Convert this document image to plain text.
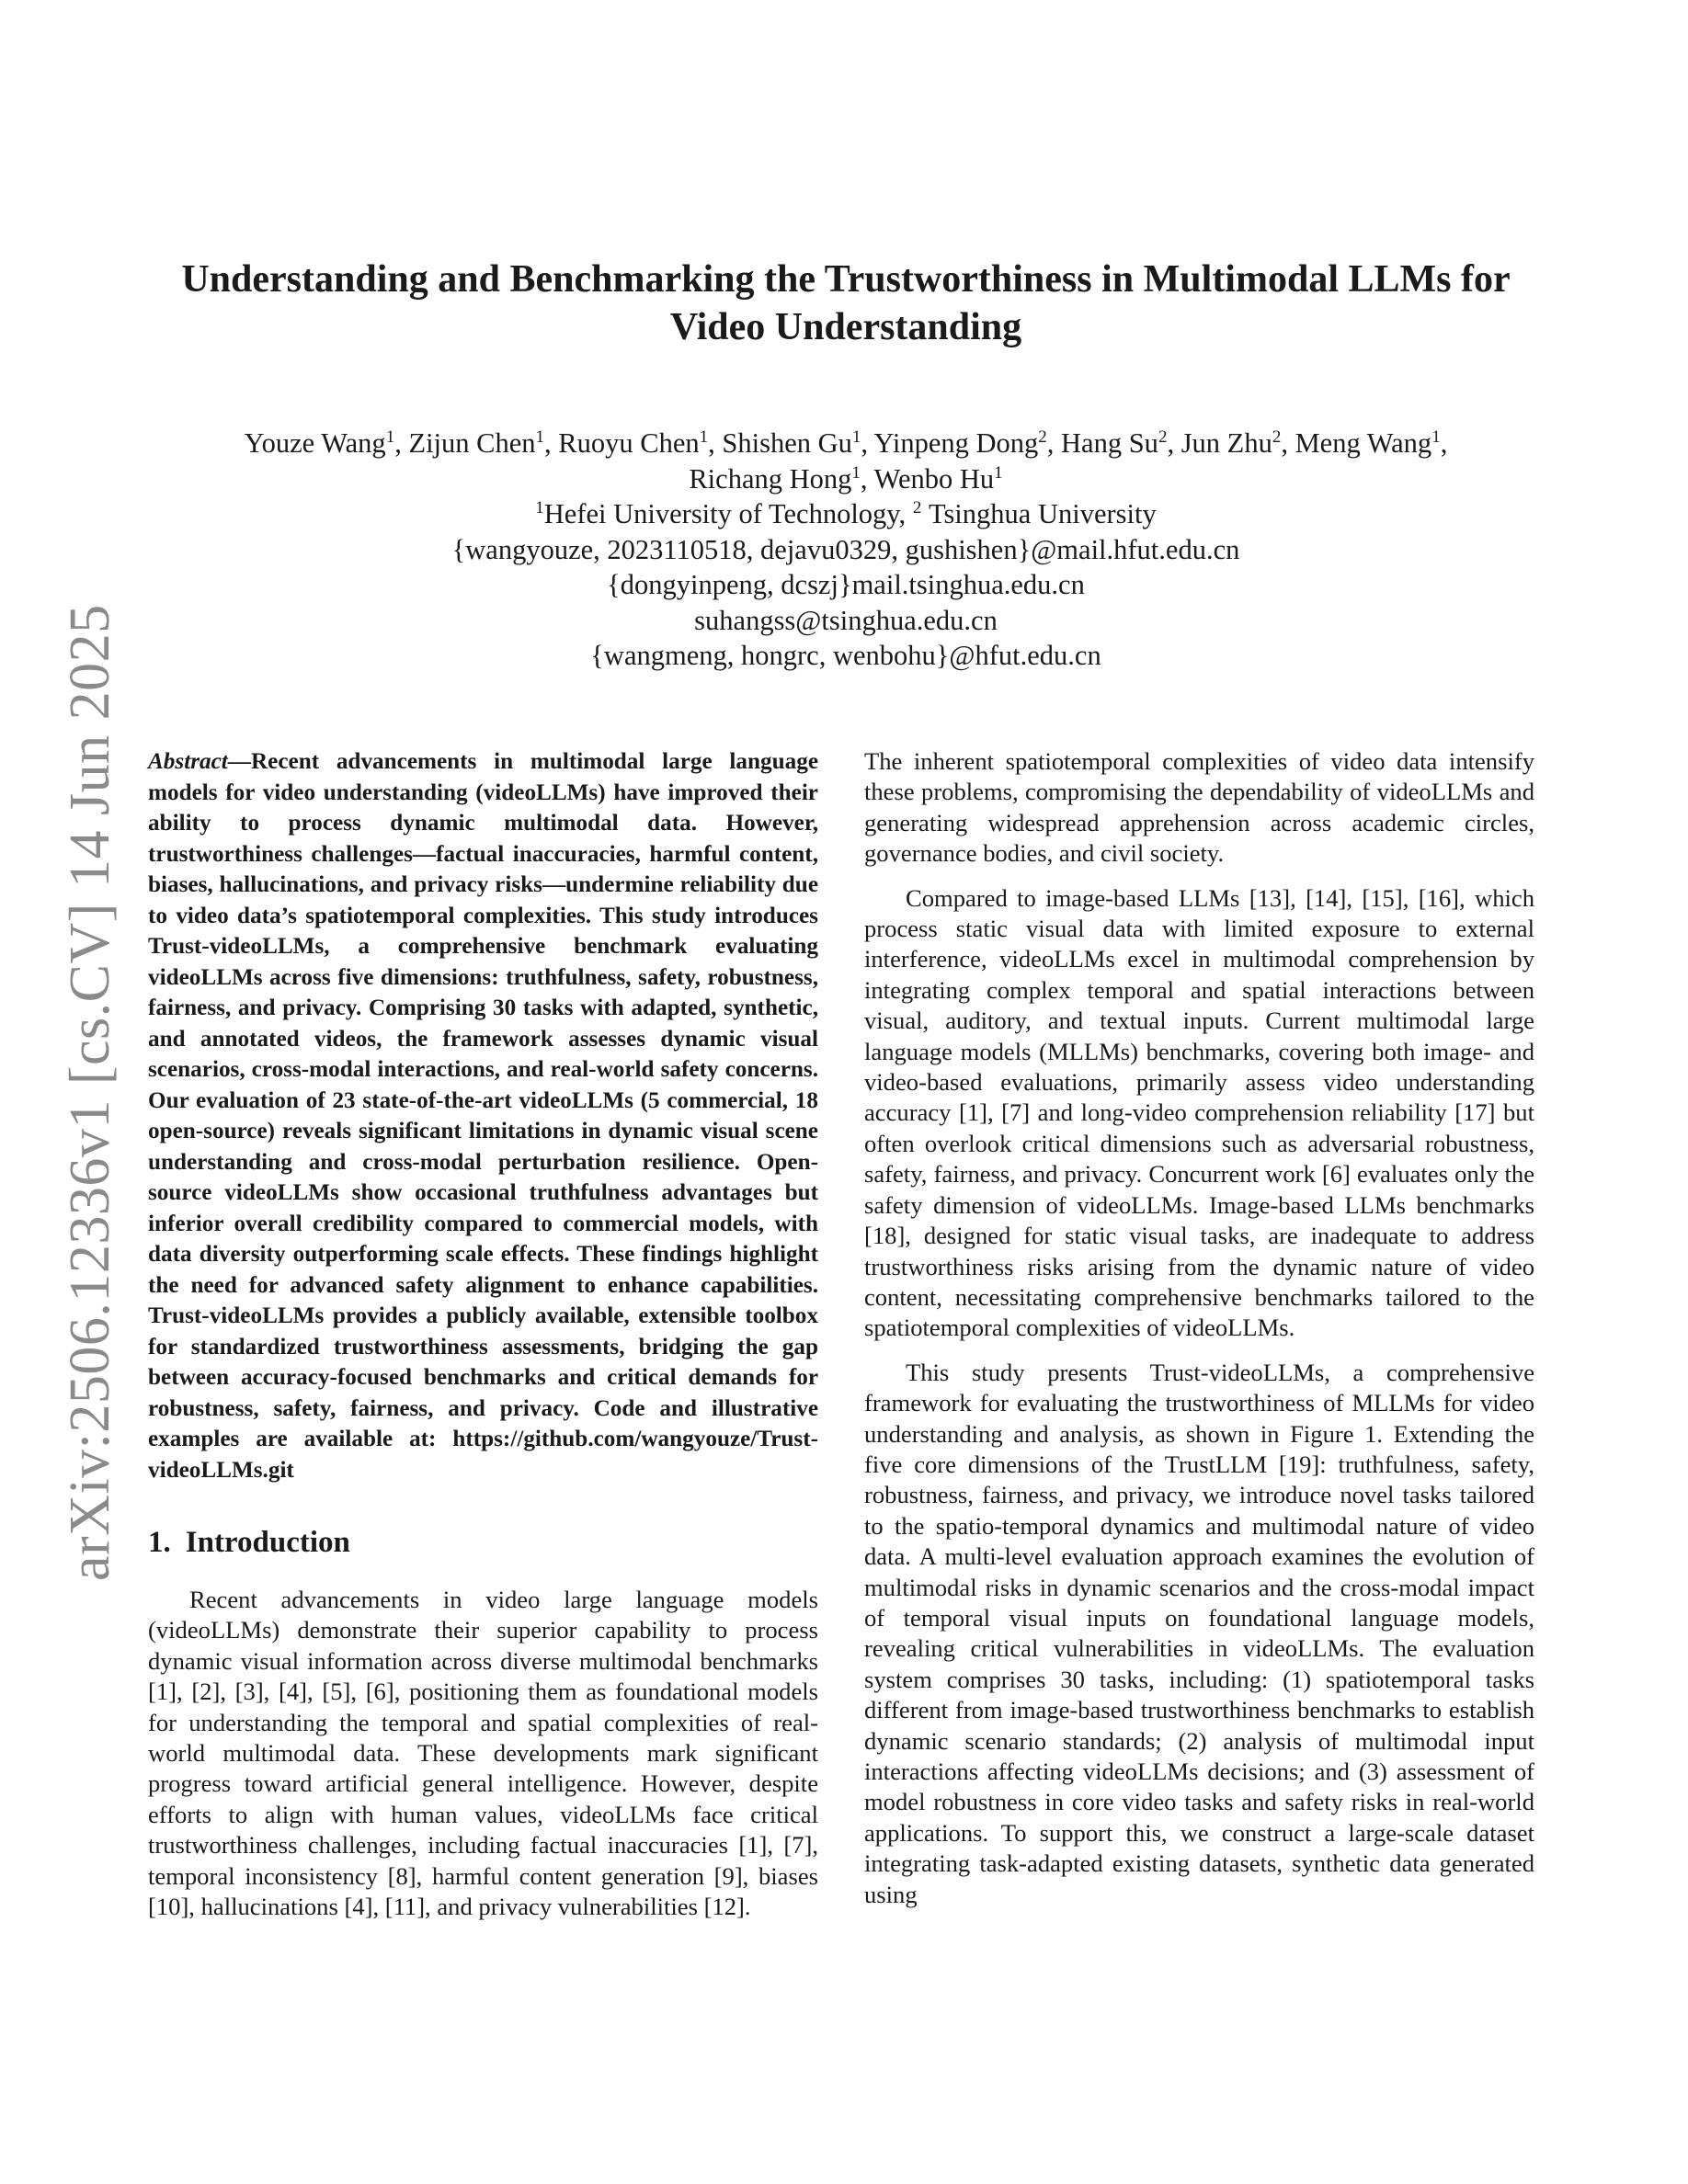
arXiv:2506.12336v1 [cs.CV] 14 Jun 2025
Understanding and Benchmarking the Trustworthiness in Multimodal LLMs for
Video Understanding
Youze Wang$^1$, Zijun Chen$^1$, Ruoyu Chen$^1$, Shishen Gu$^1$, Yinpeng Dong$^2$, Hang Su$^2$, Jun Zhu$^2$, Meng Wang$^1$,
Richang Hong$^1$, Wenbo Hu$^1$
$^1$Hefei University of Technology, $^2$ Tsinghua University
{wangyouze, 2023110518, dejavu0329, gushishen}@mail.hfut.edu.cn
{dongyinpeng, dcszj}mail.tsinghua.edu.cn
suhangss@tsinghua.edu.cn
{wangmeng, hongrc, wenbohu}@hfut.edu.cn

Abstract—Recent advancements in multimodal large language models for video understanding (videoLLMs) have improved their ability to process dynamic multimodal data. However, trustworthiness challenges—factual inaccuracies, harmful content, biases, hallucinations, and privacy risks—undermine reliability due to video data’s spatiotemporal complexities. This study introduces Trust-videoLLMs, a comprehensive benchmark evaluating videoLLMs across five dimensions: truthfulness, safety, robustness, fairness, and privacy. Comprising 30 tasks with adapted, synthetic, and annotated videos, the framework assesses dynamic visual scenarios, cross-modal interactions, and real-world safety concerns. Our evaluation of 23 state-of-the-art videoLLMs (5 commercial, 18 open-source) reveals significant limitations in dynamic visual scene understanding and cross-modal perturbation resilience. Open-source videoLLMs show occasional truthfulness advantages but inferior overall credibility compared to commercial models, with data diversity outperforming scale effects. These findings highlight the need for advanced safety alignment to enhance capabilities. Trust-videoLLMs provides a publicly available, extensible toolbox for standardized trustworthiness assessments, bridging the gap between accuracy-focused benchmarks and critical demands for robustness, safety, fairness, and privacy. Code and illustrative examples are available at: https://github.com/wangyouze/Trust-videoLLMs.git

1. Introduction

Recent advancements in video large language models (videoLLMs) demonstrate their superior capability to process dynamic visual information across diverse multimodal benchmarks [1], [2], [3], [4], [5], [6], positioning them as foundational models for understanding the temporal and spatial complexities of real-world multimodal data. These developments mark significant progress toward artificial general intelligence. However, despite efforts to align with human values, videoLLMs face critical trustworthiness challenges, including factual inaccuracies [1], [7], temporal inconsistency [8], harmful content generation [9], biases [10], hallucinations [4], [11], and privacy vulnerabilities [12].

The inherent spatiotemporal complexities of video data intensify these problems, compromising the dependability of videoLLMs and generating widespread apprehension across academic circles, governance bodies, and civil society.

Compared to image-based LLMs [13], [14], [15], [16], which process static visual data with limited exposure to external interference, videoLLMs excel in multimodal comprehension by integrating complex temporal and spatial interactions between visual, auditory, and textual inputs. Current multimodal large language models (MLLMs) benchmarks, covering both image- and video-based evaluations, primarily assess video understanding accuracy [1], [7] and long-video comprehension reliability [17] but often overlook critical dimensions such as adversarial robustness, safety, fairness, and privacy. Concurrent work [6] evaluates only the safety dimension of videoLLMs. Image-based LLMs benchmarks [18], designed for static visual tasks, are inadequate to address trustworthiness risks arising from the dynamic nature of video content, necessitating comprehensive benchmarks tailored to the spatiotemporal complexities of videoLLMs.

This study presents Trust-videoLLMs, a comprehensive framework for evaluating the trustworthiness of MLLMs for video understanding and analysis, as shown in Figure 1. Extending the five core dimensions of the TrustLLM [19]: truthfulness, safety, robustness, fairness, and privacy, we introduce novel tasks tailored to the spatio-temporal dynamics and multimodal nature of video data. A multi-level evaluation approach examines the evolution of multimodal risks in dynamic scenarios and the cross-modal impact of temporal visual inputs on foundational language models, revealing critical vulnerabilities in videoLLMs. The evaluation system comprises 30 tasks, including: (1) spatiotemporal tasks different from image-based trustworthiness benchmarks to establish dynamic scenario standards; (2) analysis of multimodal input interactions affecting videoLLMs decisions; and (3) assessment of model robustness in core video tasks and safety risks in real-world applications. To support this, we construct a large-scale dataset integrating task-adapted existing datasets, synthetic data generated using
